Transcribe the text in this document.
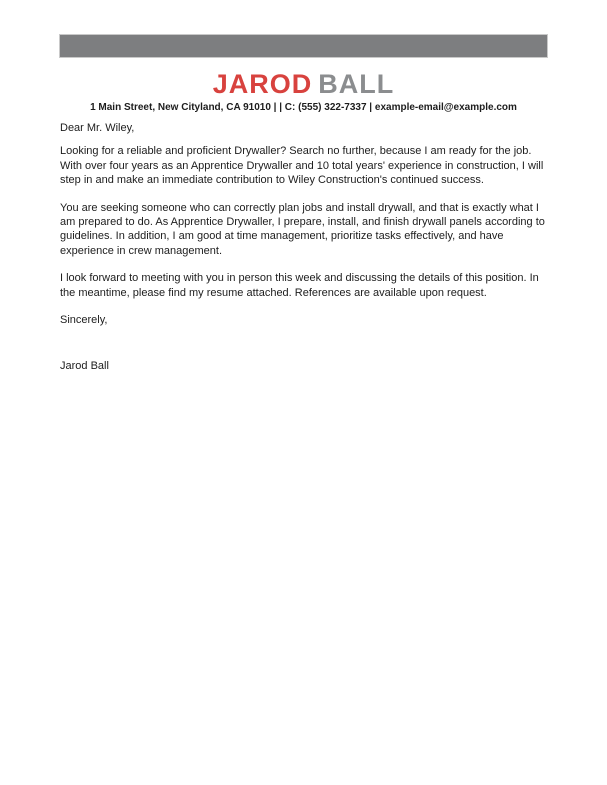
JAROD BALL
1 Main Street, New Cityland, CA 91010 | | C: (555) 322-7337 | example-email@example.com

Dear Mr. Wiley,

Looking for a reliable and proficient Drywaller? Search no further, because I am ready for the job. With over four years as an Apprentice Drywaller and 10 total years' experience in construction, I will step in and make an immediate contribution to Wiley Construction's continued success.

You are seeking someone who can correctly plan jobs and install drywall, and that is exactly what I am prepared to do. As Apprentice Drywaller, I prepare, install, and finish drywall panels according to guidelines. In addition, I am good at time management, prioritize tasks effectively, and have experience in crew management.

I look forward to meeting with you in person this week and discussing the details of this position. In the meantime, please find my resume attached. References are available upon request.

Sincerely,

Jarod Ball
